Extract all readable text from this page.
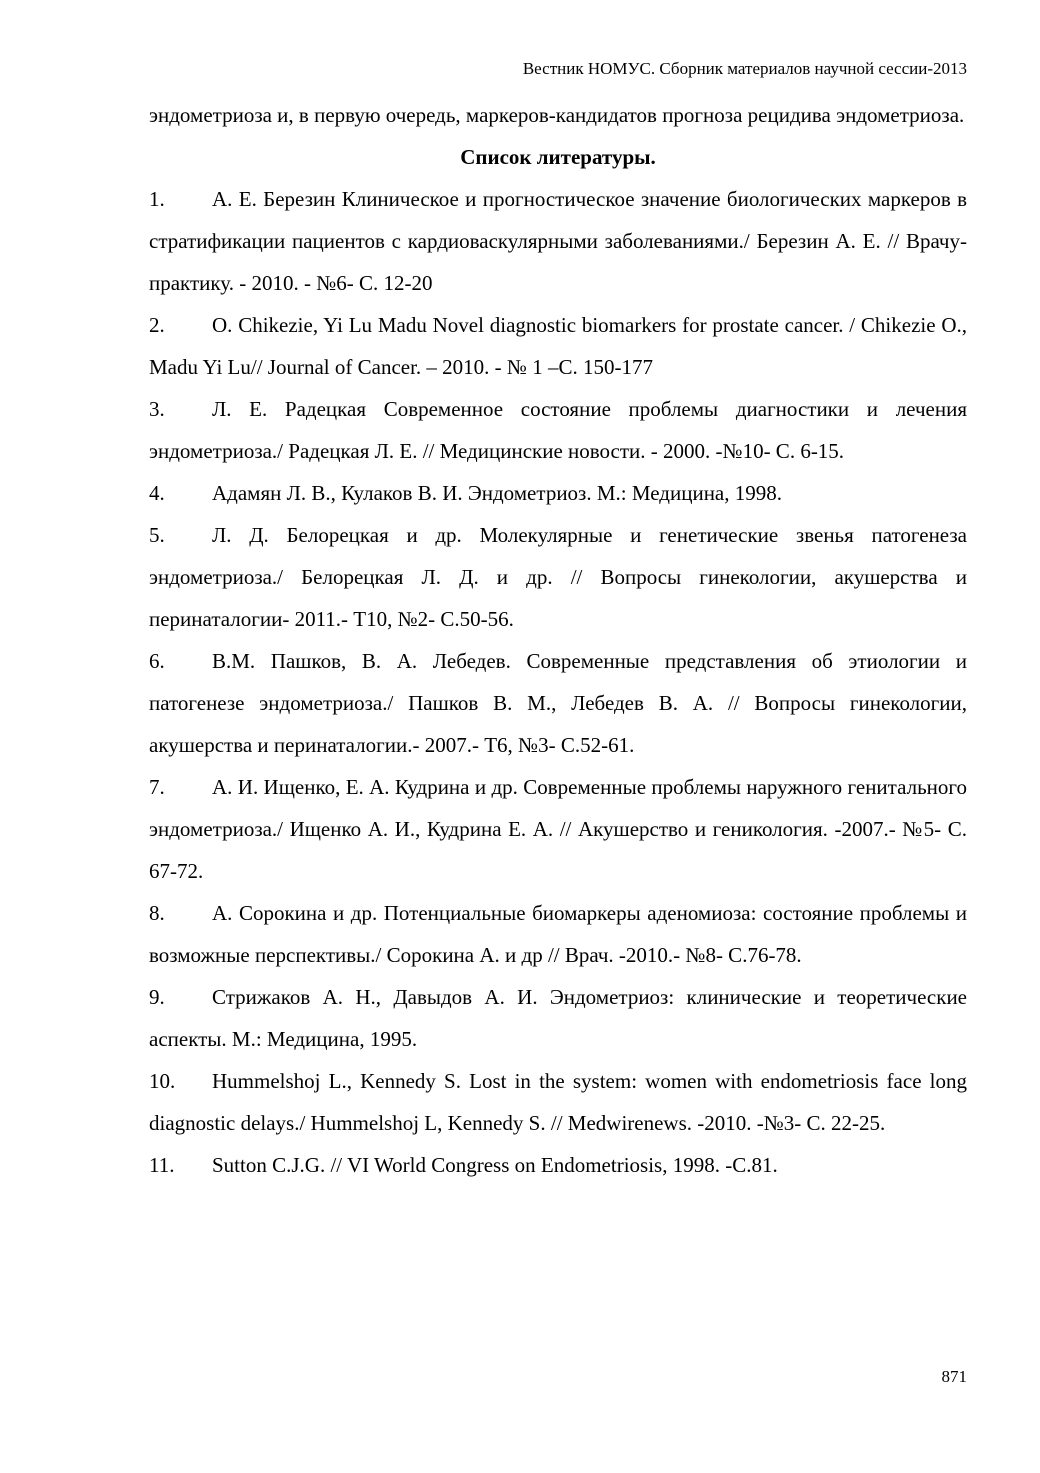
Вестник НОМУС. Сборник материалов научной сессии-2013

эндометриоза и, в первую очередь, маркеров-кандидатов прогноза рецидива эндометриоза.

Список литературы.
1. А. Е. Березин Клиническое и прогностическое значение биологических маркеров в стратификации пациентов с кардиоваскулярными заболеваниями./ Березин А. Е. // Врачу-практику. - 2010. - №6- С. 12-20
2. O. Chikezie, Yi Lu Madu Novel diagnostic biomarkers for prostate cancer. / Chikezie O., Madu Yi Lu// Journal of Cancer. – 2010. - № 1 –С. 150-177
3. Л. Е. Радецкая Современное состояние проблемы диагностики и лечения эндометриоза./ Радецкая Л. Е. // Медицинские новости. - 2000. -№10- С. 6-15.
4. Адамян Л. В., Кулаков В. И. Эндометриоз. М.: Медицина, 1998.
5. Л. Д. Белорецкая и др. Молекулярные и генетические звенья патогенеза эндометриоза./ Белорецкая Л. Д. и др. // Вопросы гинекологии, акушерства и перинаталогии- 2011.- Т10, №2- С.50-56.
6. В.М. Пашков, В. А. Лебедев. Современные представления об этиологии и патогенезе эндометриоза./ Пашков В. М., Лебедев В. А. // Вопросы гинекологии, акушерства и перинаталогии.- 2007.- Т6, №3- С.52-61.
7. А. И. Ищенко, Е. А. Кудрина и др. Современные проблемы наружного генитального эндометриоза./ Ищенко А. И., Кудрина Е. А. // Акушерство и геникология. -2007.- №5- С. 67-72.
8. А. Сорокина и др. Потенциальные биомаркеры аденомиоза: состояние проблемы и возможные перспективы./ Сорокина А. и др // Врач. -2010.- №8- С.76-78.
9. Стрижаков А. Н., Давыдов А. И. Эндометриоз: клинические и теоретические аспекты. М.: Медицина, 1995.
10. Hummelshoj L., Kennedy S. Lost in the system: women with endometriosis face long diagnostic delays./ Hummelshoj L, Kennedy S. // Medwirenews. -2010. -№3- С. 22-25.
11. Sutton C.J.G. // VI World Congress on Endometriosis, 1998. -C.81.
871
